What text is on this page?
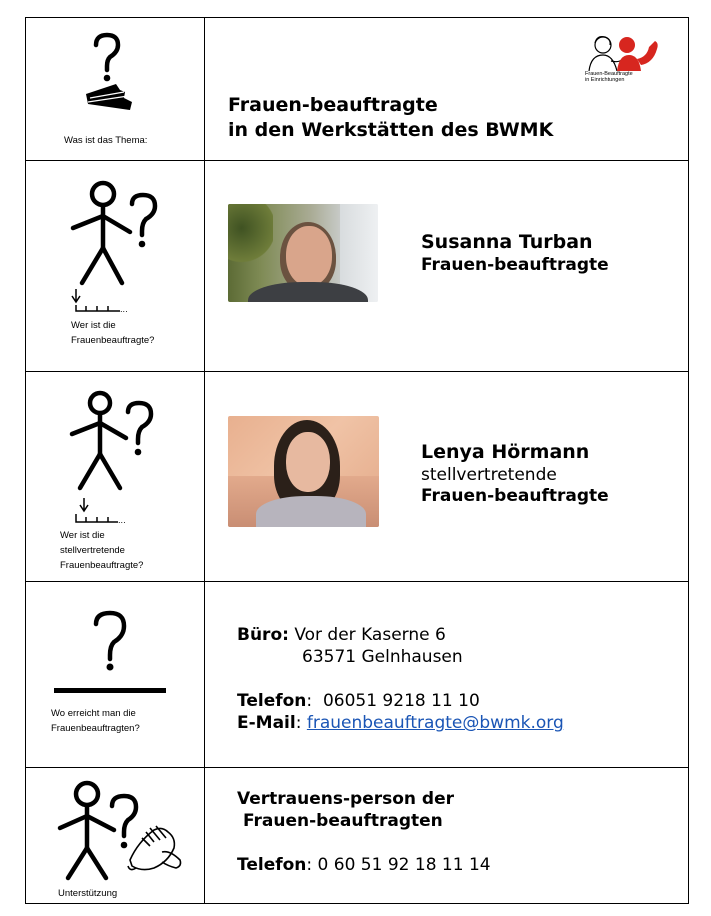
Was ist das Thema:
Frauen-beauftragte
in den Werkstätten des BWMK
Frauen-Beauftragte
in Einrichtungen
...
Wer ist die
Frauenbeauftragte?
Susanna Turban
Frauen-beauftragte
...
Wer ist die
stellvertretende
Frauenbeauftragte?
Lenya Hörmann
stellvertretende
Frauen-beauftragte
Wo erreicht man die
Frauenbeauftragten?
Büro: Vor der Kaserne 6
63571 Gelnhausen
Telefon: 06051 9218 11 10
E-Mail: frauenbeauftragte@bwmk.org
Unterstützung
Vertrauens-person der
Frauen-beauftragten
Telefon: 0 60 51 92 18 11 14
